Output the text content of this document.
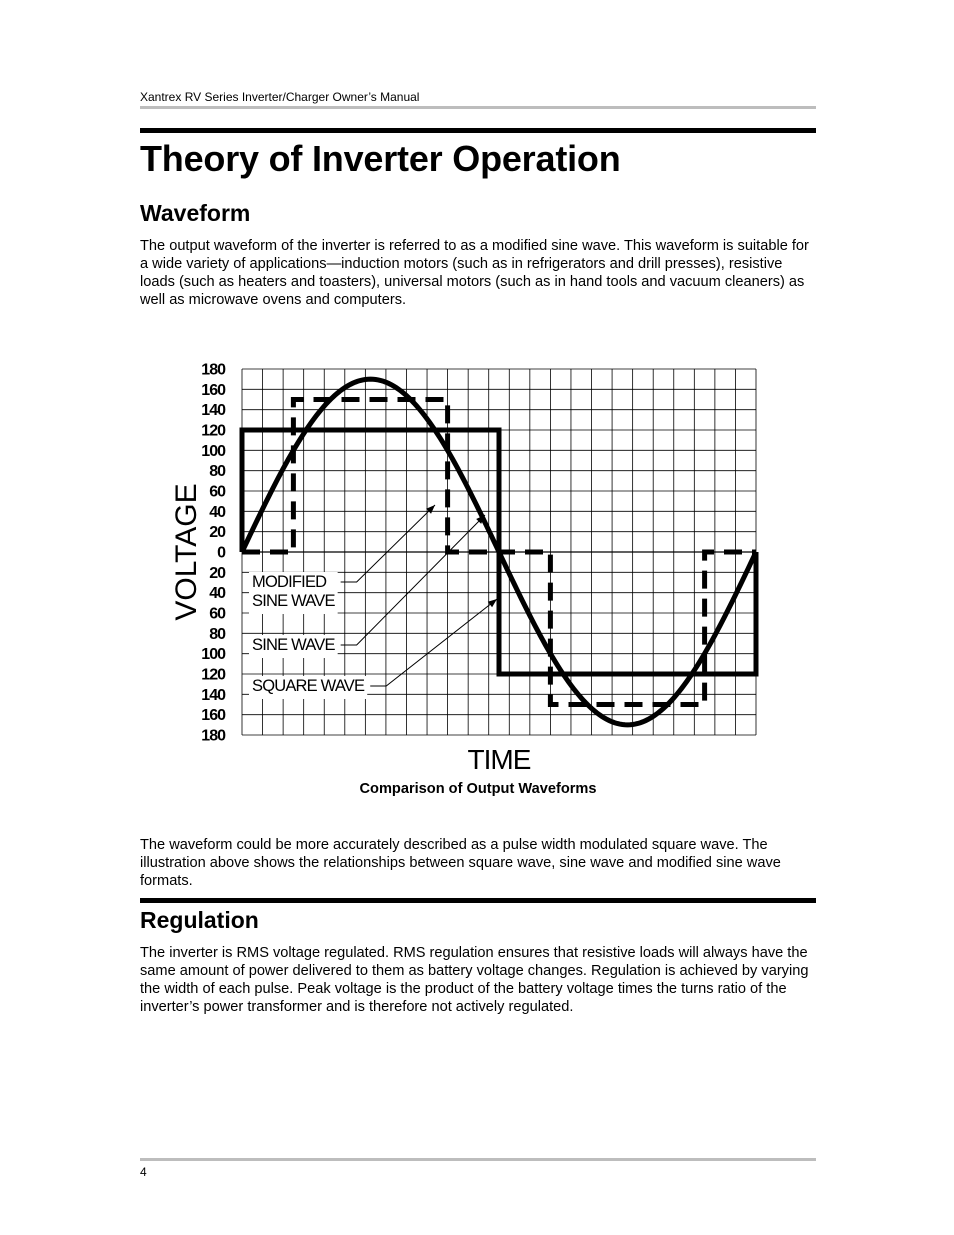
Xantrex RV Series Inverter/Charger Owner’s Manual
Theory of Inverter Operation
Waveform

The output waveform of the inverter is referred to as a modified sine wave. This waveform is suitable for a wide variety of applications—induction motors (such as in refrigerators and drill presses), resistive loads (such as heaters and toasters), universal motors (such as in hand tools and vacuum cleaners) as well as microwave ovens and computers.

180
160
140
120
100
80
60
40
20
0
20
40
60
80
100
120
140
160
180
MODIFIED
SINE WAVE
SINE WAVE
SQUARE WAVE
VOLTAGE
TIME
Comparison of Output Waveforms

The waveform could be more accurately described as a pulse width modulated square wave. The illustration above shows the relationships between square wave, sine wave and modified sine wave formats.

Regulation

The inverter is RMS voltage regulated. RMS regulation ensures that resistive loads will always have the same amount of power delivered to them as battery voltage changes. Regulation is achieved by varying the width of each pulse. Peak voltage is the product of the battery voltage times the turns ratio of the inverter’s power transformer and is therefore not actively regulated.

4
